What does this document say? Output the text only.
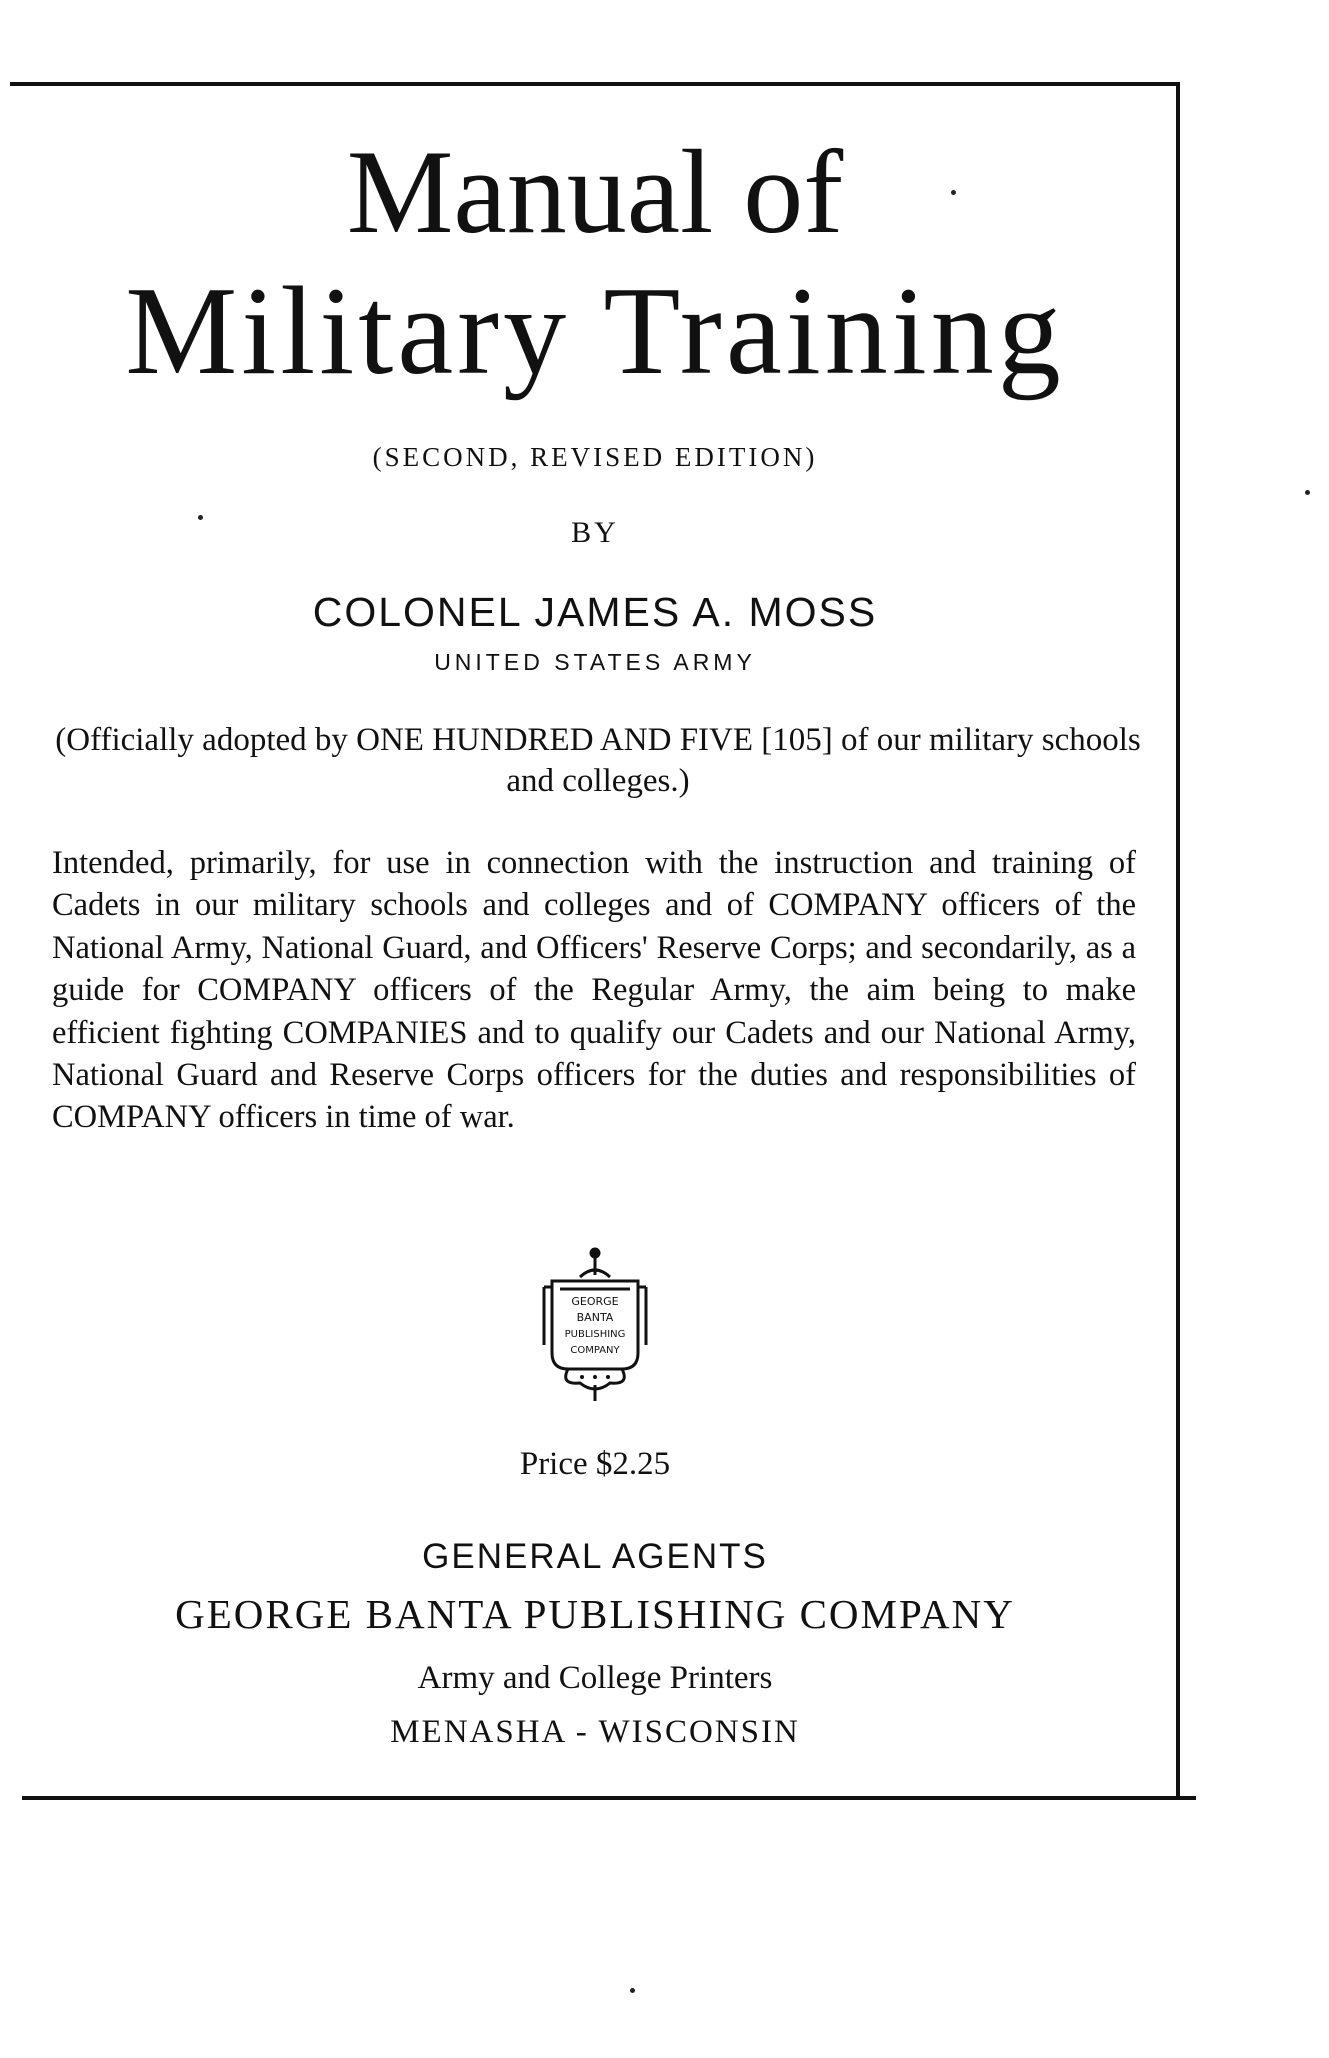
Manual of
Military Training
(SECOND, REVISED EDITION)
BY
COLONEL JAMES A. MOSS
UNITED STATES ARMY
(Officially adopted by ONE HUNDRED AND FIVE [105] of our military schools and colleges.)
Intended, primarily, for use in connection with the instruction and training of Cadets in our military schools and colleges and of COMPANY officers of the National Army, National Guard, and Officers' Reserve Corps; and secondarily, as a guide for COMPANY officers of the Regular Army, the aim being to make efficient fighting COMPANIES and to qualify our Cadets and our National Army, National Guard and Reserve Corps officers for the duties and responsibilities of COMPANY officers in time of war.
GEORGE
BANTA
PUBLISHING
COMPANY
Price $2.25
GENERAL AGENTS
GEORGE BANTA PUBLISHING COMPANY
Army and College Printers
MENASHA - WISCONSIN
